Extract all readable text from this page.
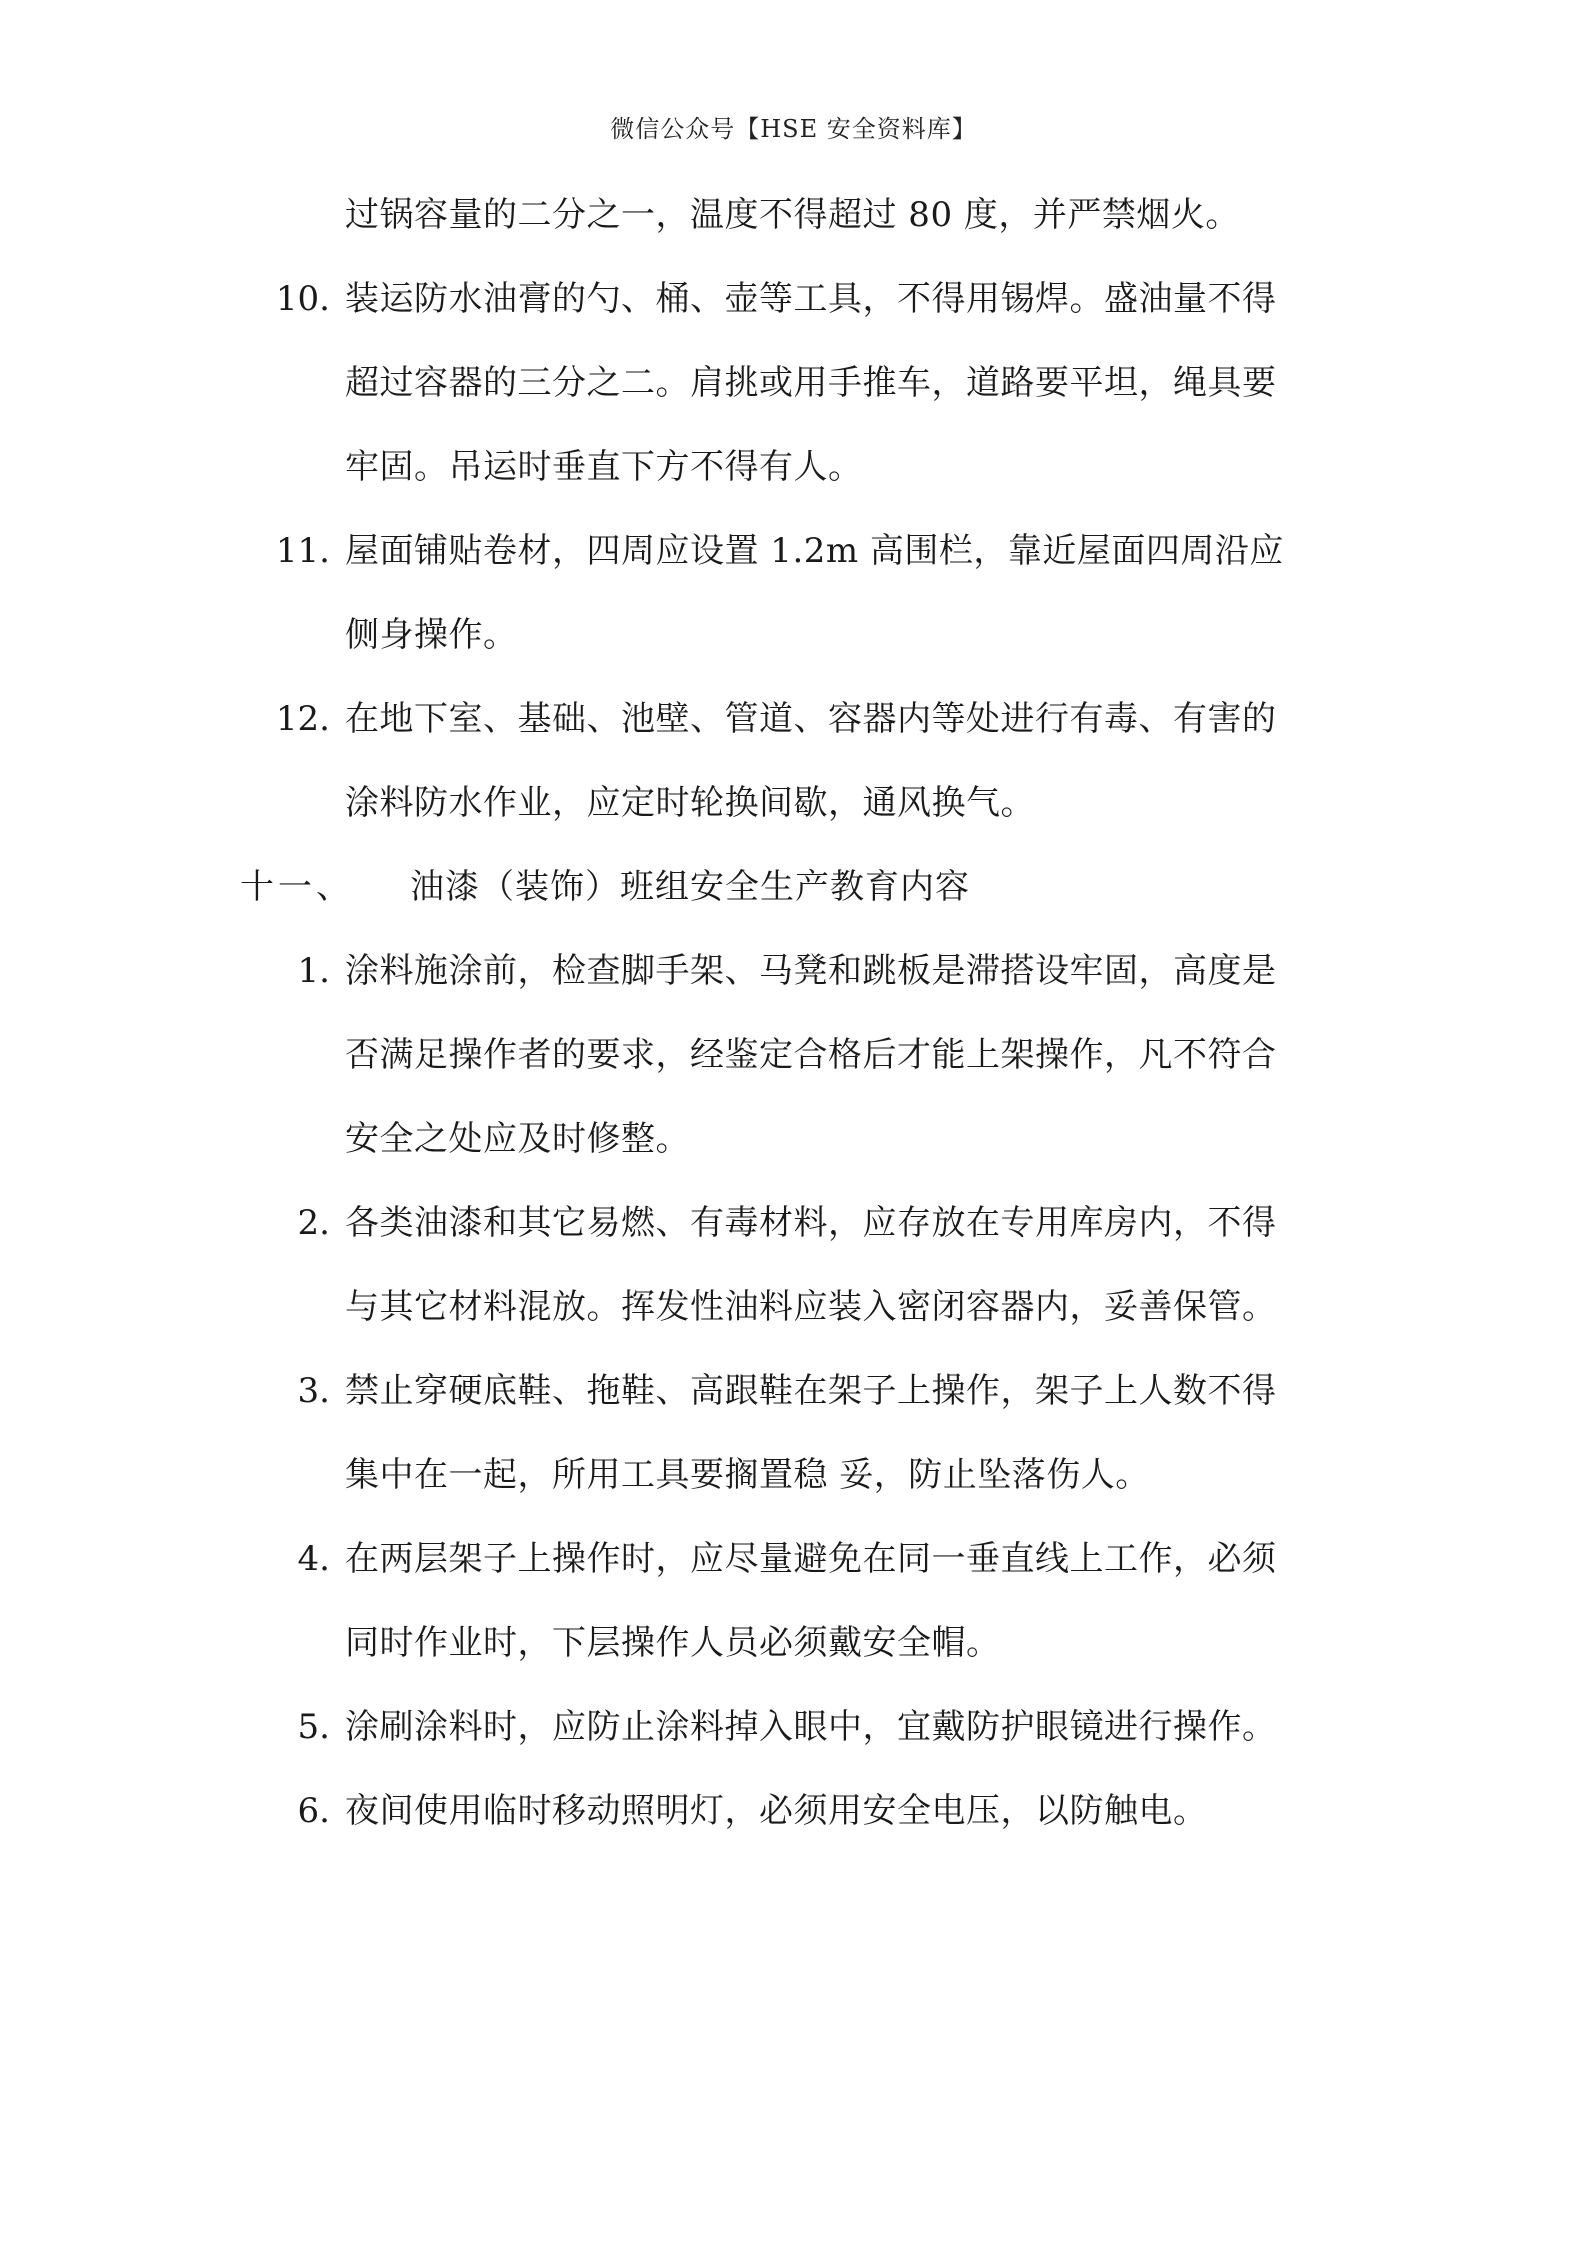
微信公众号【HSE 安全资料库】
过锅容量的二分之一，温度不得超过 80 度，并严禁烟火。
10. 装运防水油膏的勺、桶、壶等工具，不得用锡焊。盛油量不得
超过容器的三分之二。肩挑或用手推车，道路要平坦，绳具要
牢固。吊运时垂直下方不得有人。
11. 屋面铺贴卷材，四周应设置 1.2m 高围栏，靠近屋面四周沿应
侧身操作。
12. 在地下室、基础、池壁、管道、容器内等处进行有毒、有害的
涂料防水作业，应定时轮换间歇，通风换气。
十一、 油漆（装饰）班组安全生产教育内容
1. 涂料施涂前，检查脚手架、马凳和跳板是滞搭设牢固，高度是
否满足操作者的要求，经鉴定合格后才能上架操作，凡不符合
安全之处应及时修整。
2. 各类油漆和其它易燃、有毒材料，应存放在专用库房内，不得
与其它材料混放。挥发性油料应装入密闭容器内，妥善保管。
3. 禁止穿硬底鞋、拖鞋、高跟鞋在架子上操作，架子上人数不得
集中在一起，所用工具要搁置稳 妥，防止坠落伤人。
4. 在两层架子上操作时，应尽量避免在同一垂直线上工作，必须
同时作业时，下层操作人员必须戴安全帽。
5. 涂刷涂料时，应防止涂料掉入眼中，宜戴防护眼镜进行操作。
6. 夜间使用临时移动照明灯，必须用安全电压，以防触电。
